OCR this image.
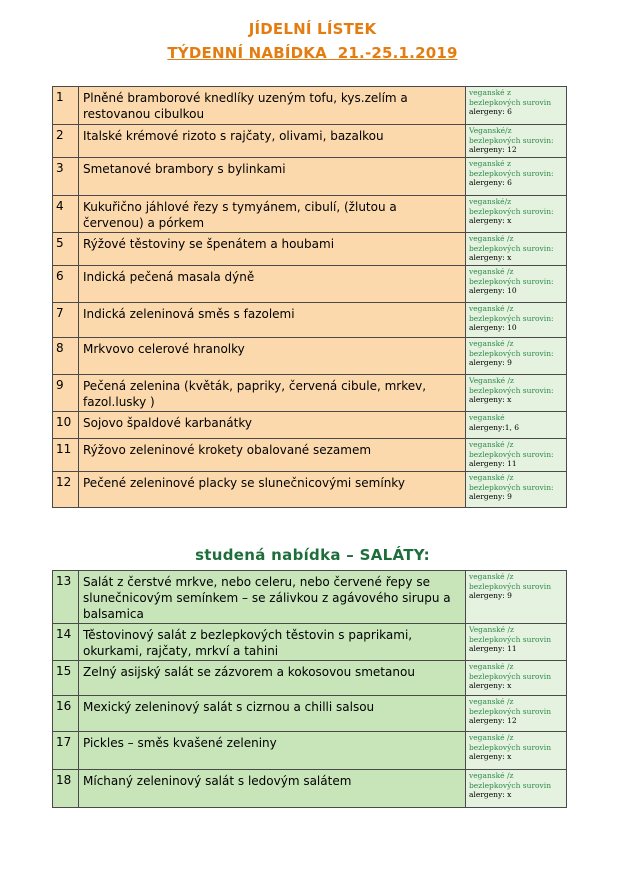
JÍDELNÍ LÍSTEK
TÝDENNÍ NABÍDKA  21.-25.1.2019
1	Plněné bramborové knedlíky uzeným tofu, kys.zelím a restovanou cibulkou	veganské z bezlepkových surovin
alergeny: 6

2	Italské krémové rizoto s rajčaty, olivami, bazalkou	Veganské/z bezlepkových surovin:
alergeny: 12

3	Smetanové brambory s bylinkami	veganské z bezlepkových surovin:
alergeny: 6

4	Kukuřično jáhlové řezy s tymyánem, cibulí, (žlutou a červenou) a pórkem	veganské/z bezlepkových surovin:
alergeny: x

5	Rýžové těstoviny se špenátem a houbami	veganské /z bezlepkových surovin:
alergeny: x

6	Indická pečená masala dýně	veganské /z bezlepkových surovin:
alergeny: 10

7	Indická zeleninová směs s fazolemi	veganské /z bezlepkových surovin:
alergeny: 10

8	Mrkvovo celerové hranolky	veganské /z bezlepkových surovin:
alergeny: 9

9	Pečená zelenina (květák, papriky, červená cibule, mrkev, fazol.lusky )	Veganské /z bezlepkových surovin:
alergeny: x

10	Sojovo špaldové karbanátky	veganské
alergeny:1, 6

11	Rýžovo zeleninové krokety obalované sezamem	veganské /z bezlepkových surovin:
alergeny: 11

12	Pečené zeleninové placky se slunečnicovými semínky	veganské /z bezlepkových surovin:
alergeny: 9
studená nabídka – SALÁTY:
13	Salát z čerstvé mrkve, nebo celeru, nebo červené řepy se slunečnicovým semínkem – se zálivkou z agávového sirupu a balsamica	veganské /z bezlepkových surovin
alergeny: 9

14	Těstovinový salát z bezlepkových těstovin s paprikami, okurkami, rajčaty, mrkví a tahini	Veganské /z bezlepkových surovin
alergeny: 11

15	Zelný asijský salát se zázvorem a kokosovou smetanou	veganské /z bezlepkových surovin
alergeny: x

16	Mexický zeleninový salát s cizrnou a chilli salsou	veganské /z bezlepkových surovin
alergeny: 12

17	Pickles – směs kvašené zeleniny	veganské /z bezlepkových surovin
alergeny: x

18	Míchaný zeleninový salát s ledovým salátem	veganské /z bezlepkových surovin
alergeny: x
